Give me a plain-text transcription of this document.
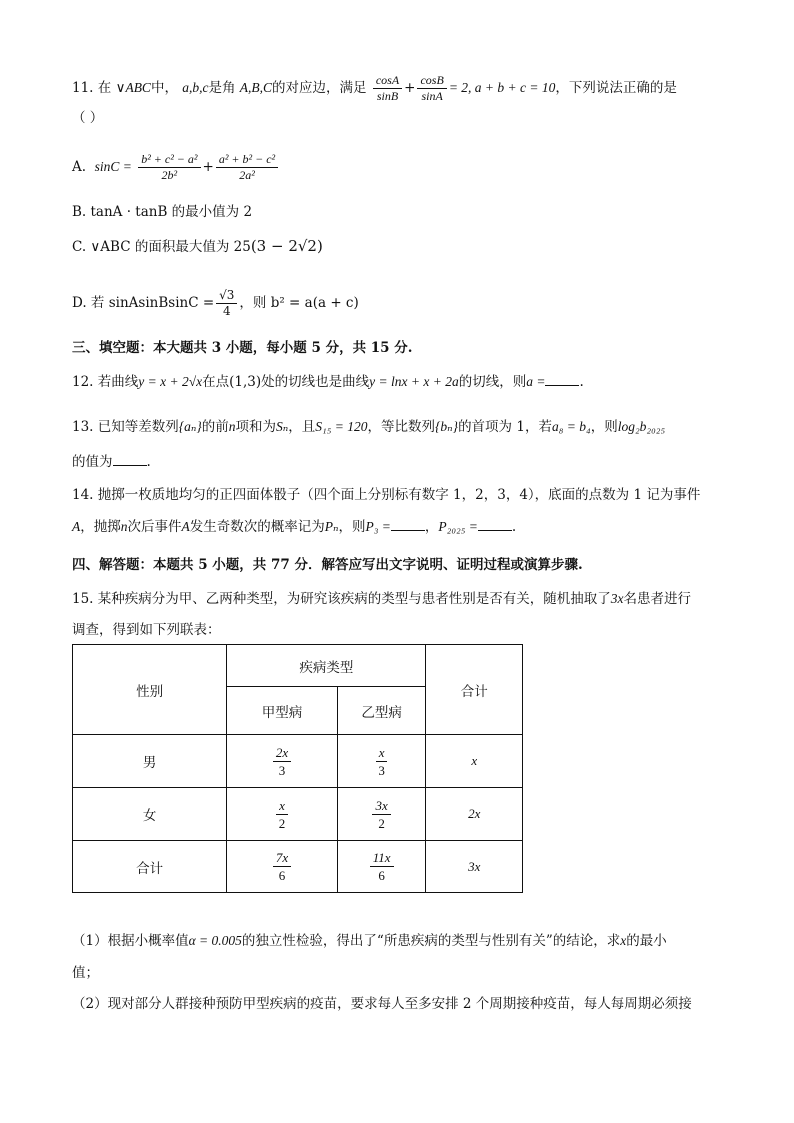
11. 在 ∨ABC中， a,b,c是角 A,B,C的对应边，满足 $\frac{\cos A}{\sin B} + \frac{\cos B}{\sin A} = 2$, a + b + c = 10，下列说法正确的是
（ ）
A. $\sin C = \frac{\text{b² + c² − a²}}{\text{2b²}} + \frac{\text{a² + b² − c²}}{\text{2a²}}$
B. tanA · tanB 的最小值为 2
C. ∨ABC 的面积最大值为 25(3 − 2√2)
D. 若 sinAsinBsinC = $\frac{√3}{4}$ ，则 b² = a(a + c)
三、填空题：本大题共 3 小题，每小题 5 分，共 15 分.
12. 若曲线y = x + 2√x在点(1,3)处的切线也是曲线y = lnx + x + 2a的切线，则a =	.
13. 已知等差数列{aₙ}的前n项和为Sₙ，且S₁₅ = 120，等比数列{bₙ}的首项为 1，若a₈ = b₄，则log₂b₂₀₂₅
的值为	.
14. 抛掷一枚质地均匀的正四面体骰子（四个面上分别标有数字 1，2，3，4），底面的点数为 1 记为事件
A，抛掷n次后事件A发生奇数次的概率记为Pₙ，则P₃ =	，P₂₀₂₅ =	.
四、解答题：本题共 5 小题，共 77 分．解答应写出文字说明、证明过程或演算步骤.
15. 某种疾病分为甲、乙两种类型，为研究该疾病的类型与患者性别是否有关，随机抽取了3x名患者进行
调查，得到如下列联表：
性别	疾病类型		合计
	甲型病	乙型病	
男	$\frac{2x}{3}$	$\frac{x}{3}$	x
女	$\frac{x}{2}$	$\frac{3x}{2}$	2x
合计	$\frac{7x}{6}$	$\frac{11x}{6}$	3x
（1）根据小概率值α = 0.005的独立性检验，得出了“所患疾病的类型与性别有关”的结论，求x的最小
值；
（2）现对部分人群接种预防甲型疾病的疫苗，要求每人至多安排 2 个周期接种疫苗，每人每周期必须接
